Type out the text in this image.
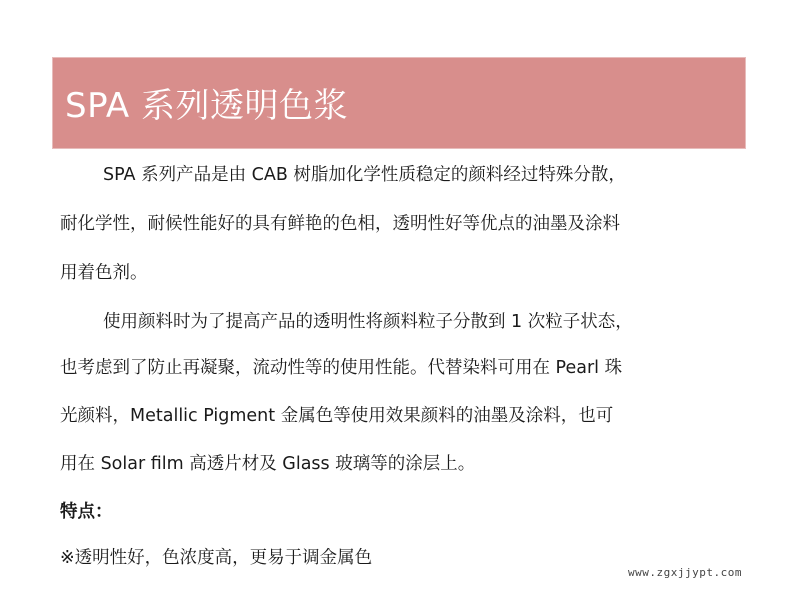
SPA 系列透明色浆
SPA 系列产品是由 CAB 树脂加化学性质稳定的颜料经过特殊分散，
耐化学性，耐候性能好的具有鲜艳的色相，透明性好等优点的油墨及涂料
用着色剂。
使用颜料时为了提高产品的透明性将颜料粒子分散到 1 次粒子状态，
也考虑到了防止再凝聚，流动性等的使用性能。代替染料可用在 Pearl 珠
光颜料，Metallic Pigment 金属色等使用效果颜料的油墨及涂料，也可
用在 Solar film 高透片材及 Glass 玻璃等的涂层上。
特点：
※透明性好，色浓度高，更易于调金属色
www.zgxjjypt.com
